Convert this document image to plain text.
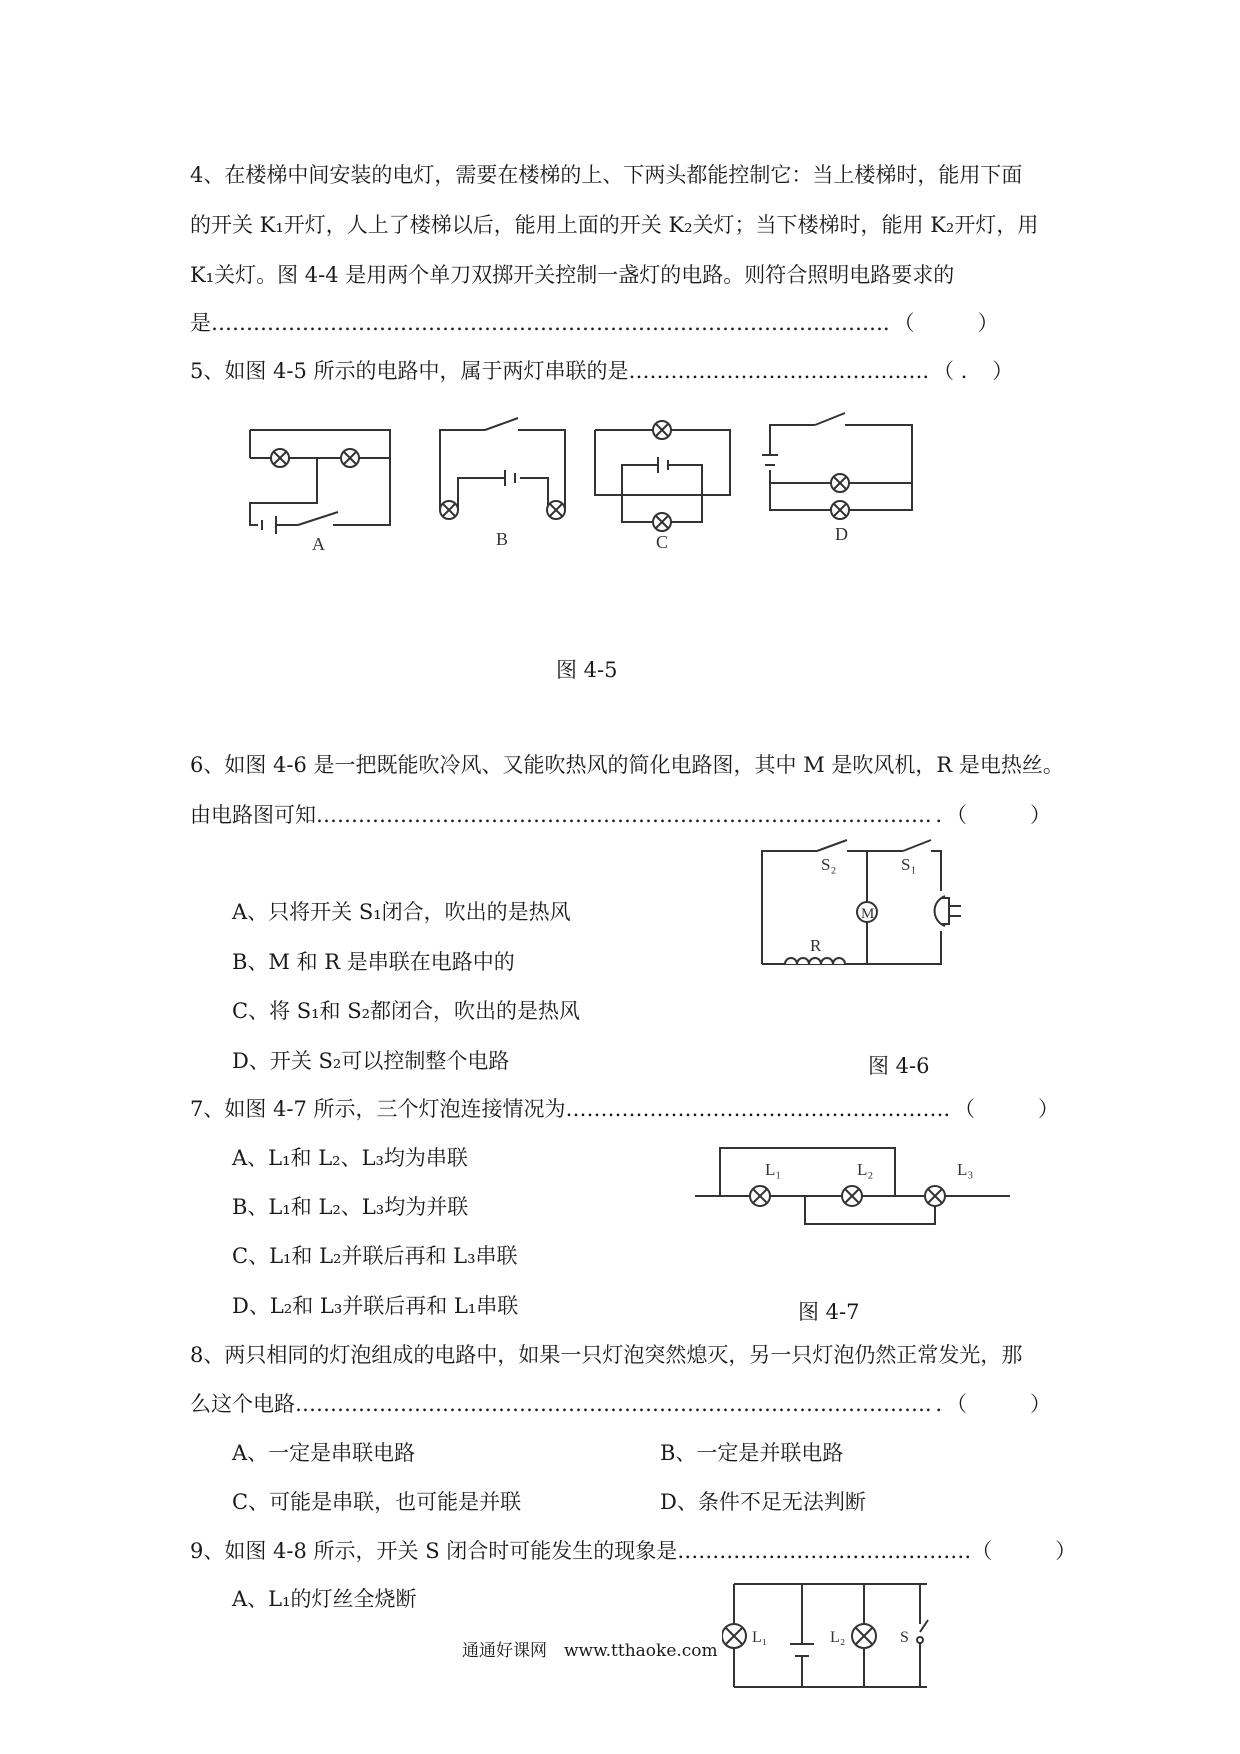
4、在楼梯中间安装的电灯，需要在楼梯的上、下两头都能控制它：当上楼梯时，能用下面
的开关 K₁开灯，人上了楼梯以后，能用上面的开关 K₂关灯；当下楼梯时，能用 K₂开灯，用
K₁关灯。图 4-4 是用两个单刀双掷开关控制一盏灯的电路。则符合照明电路要求的
是……………………………………………………………………………………．（　　　）
5、如图 4-5 所示的电路中，属于两灯串联的是……………………………………．（ ．　）
A	B	C	D
图 4-5
6、如图 4-6 是一把既能吹冷风、又能吹热风的简化电路图，其中 M 是吹风机，R 是电热丝。
由电路图可知……………………………………………………………………………．．（　　　）
A、只将开关 S₁闭合，吹出的是热风
B、M 和 R 是串联在电路中的
C、将 S₁和 S₂都闭合，吹出的是热风
D、开关 S₂可以控制整个电路
S₂	S₁
M
R
图 4-6
7、如图 4-7 所示，三个灯泡连接情况为………………………………………………．（　　　）
A、L₁和 L₂、L₃均为串联
B、L₁和 L₂、L₃均为并联
C、L₁和 L₂并联后再和 L₃串联
D、L₂和 L₃并联后再和 L₁串联
L₁	L₂	L₃
图 4-7
8、两只相同的灯泡组成的电路中，如果一只灯泡突然熄灭，另一只灯泡仍然正常发光，那
么这个电路………………………………………………………………………………．．（　　　）
A、一定是串联电路	B、一定是并联电路
C、可能是串联，也可能是并联	D、条件不足无法判断
9、如图 4-8 所示，开关 S 闭合时可能发生的现象是……………………………………（　　　）
A、L₁的灯丝全烧断
L₁	L₂	S
通通好课网　www.tthaoke.com
